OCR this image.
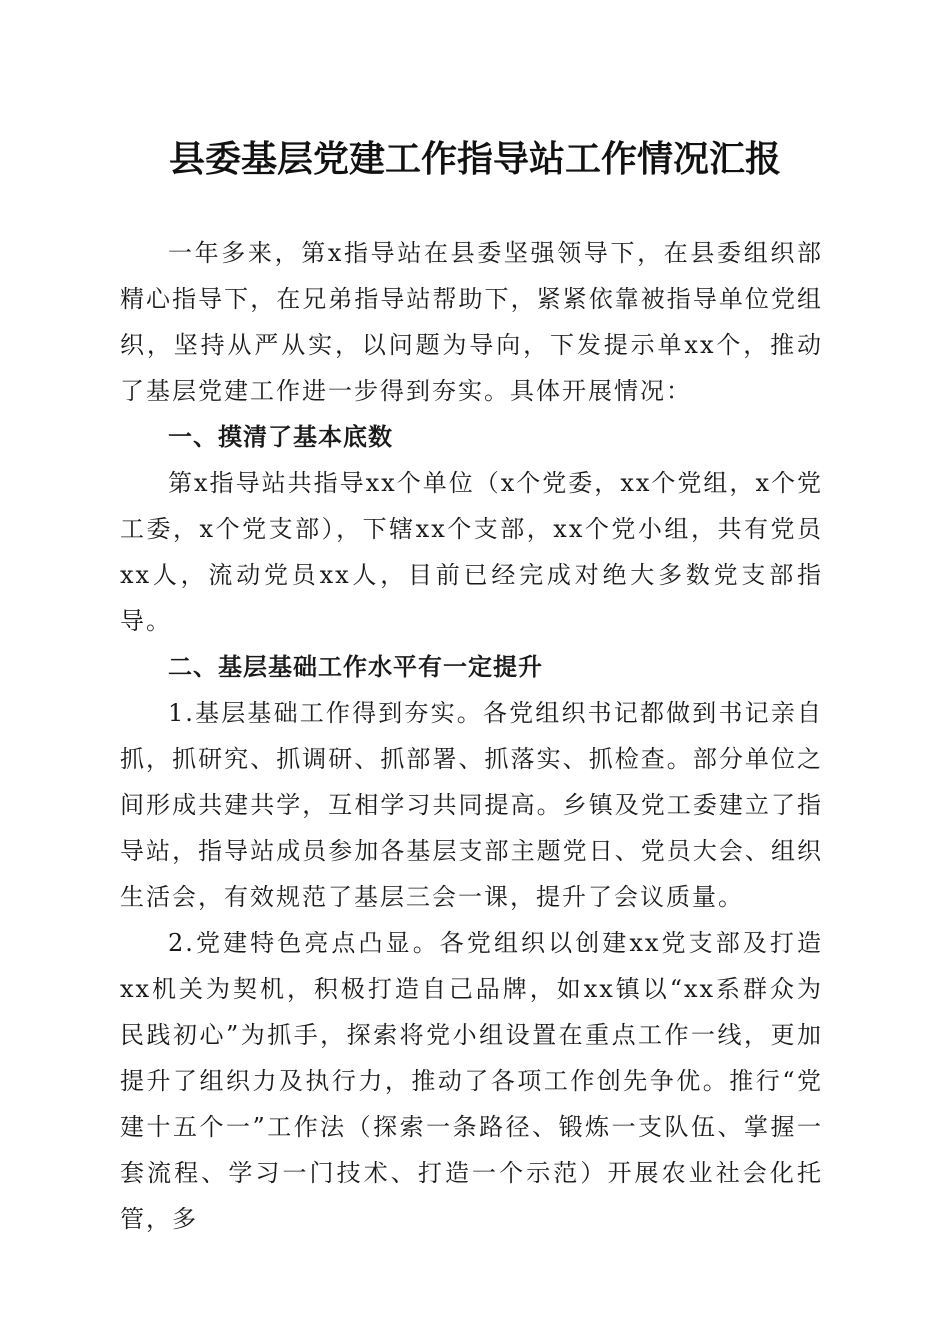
县委基层党建工作指导站工作情况汇报

一年多来，第x指导站在县委坚强领导下，在县委组织部精心指导下，在兄弟指导站帮助下，紧紧依靠被指导单位党组织，坚持从严从实，以问题为导向，下发提示单xx个，推动了基层党建工作进一步得到夯实。具体开展情况：

一、摸清了基本底数

第x指导站共指导xx个单位（x个党委，xx个党组，x个党工委，x个党支部），下辖xx个支部，xx个党小组，共有党员xx人，流动党员xx人，目前已经完成对绝大多数党支部指导。

二、基层基础工作水平有一定提升

1.基层基础工作得到夯实。各党组织书记都做到书记亲自抓，抓研究、抓调研、抓部署、抓落实、抓检查。部分单位之间形成共建共学，互相学习共同提高。乡镇及党工委建立了指导站，指导站成员参加各基层支部主题党日、党员大会、组织生活会，有效规范了基层三会一课，提升了会议质量。

2.党建特色亮点凸显。各党组织以创建xx党支部及打造xx机关为契机，积极打造自己品牌，如xx镇以“xx系群众为民践初心”为抓手，探索将党小组设置在重点工作一线，更加提升了组织力及执行力，推动了各项工作创先争优。推行“党建十五个一”工作法（探索一条路径、锻炼一支队伍、掌握一套流程、学习一门技术、打造一个示范）开展农业社会化托管，多
